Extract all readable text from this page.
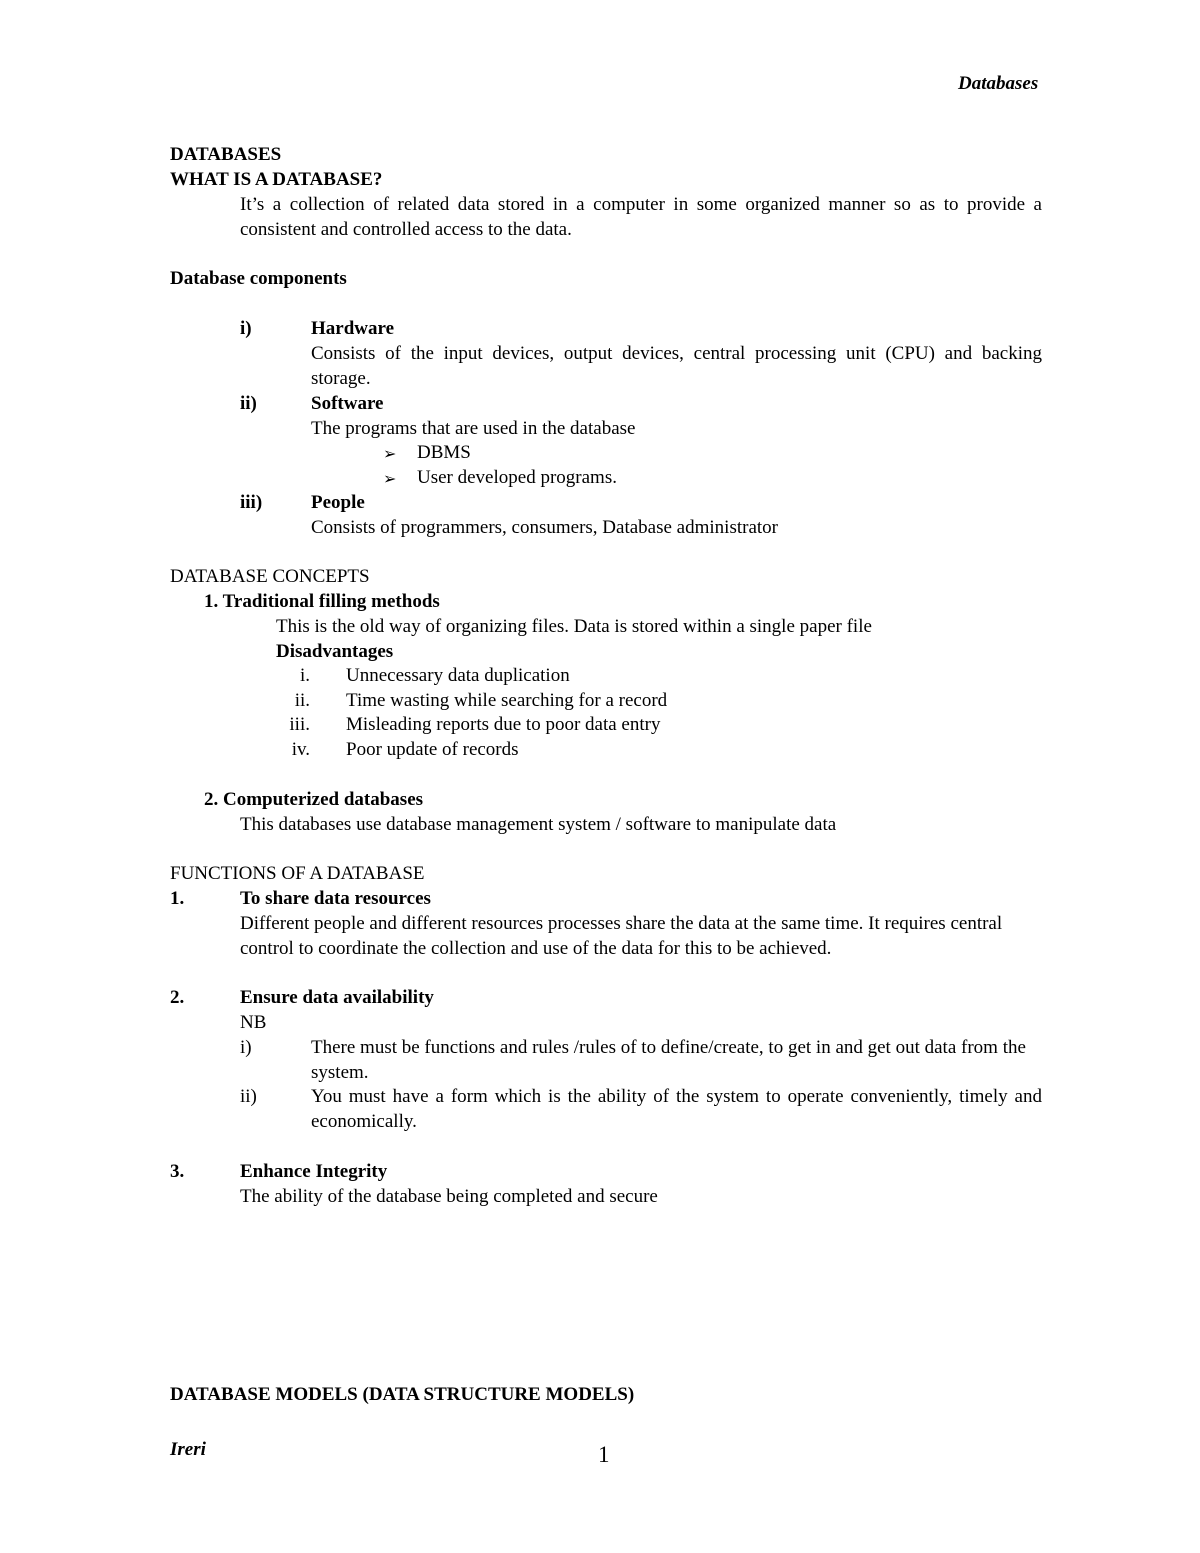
Databases
DATABASES
WHAT IS A DATABASE?
It’s a collection of related data stored in a computer in some organized manner so as to provide a consistent and controlled access to the data.
Database components
i)	Hardware
Consists of the input devices, output devices, central processing unit (CPU) and backing storage.
ii)	Software
The programs that are used in the database
➢ DBMS
➢ User developed programs.
iii)	People
Consists of programmers, consumers, Database administrator
DATABASE CONCEPTS
1. Traditional filling methods
This is the old way of organizing files. Data is stored within a single paper file
Disadvantages
i. Unnecessary data duplication
ii. Time wasting while searching for a record
iii. Misleading reports due to poor data entry
iv. Poor update of records
2. Computerized databases
This databases use database management system / software to manipulate data
FUNCTIONS OF A DATABASE
1.	To share data resources
Different people and different resources processes share the data at the same time. It requires central control to coordinate the collection and use of the data for this to be achieved.
2.	Ensure data availability
NB
i)	There must be functions and rules /rules of to define/create, to get in and get out data from the system.
ii)	You must have a form which is the ability of the system to operate conveniently, timely and economically.
3.	Enhance Integrity
The ability of the database being completed and secure
DATABASE MODELS (DATA STRUCTURE MODELS)
Ireri	1
